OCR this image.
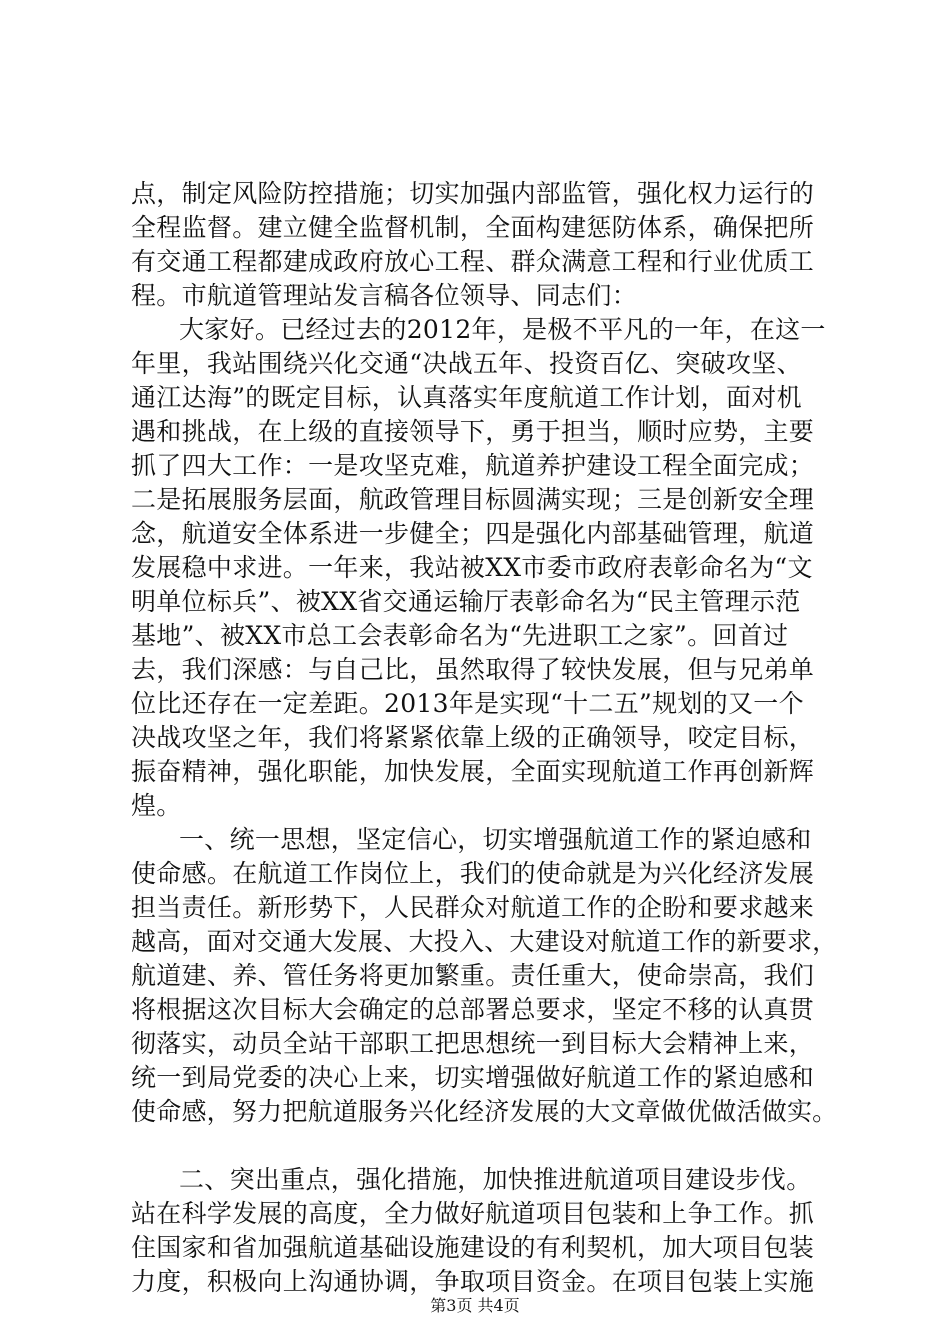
点，制定风险防控措施；切实加强内部监管，强化权力运行的
全程监督。建立健全监督机制，全面构建惩防体系，确保把所
有交通工程都建成政府放心工程、群众满意工程和行业优质工
程。市航道管理站发言稿各位领导、同志们：
大家好。已经过去的2012年，是极不平凡的一年，在这一
年里，我站围绕兴化交通“决战五年、投资百亿、突破攻坚、
通江达海”的既定目标，认真落实年度航道工作计划，面对机
遇和挑战，在上级的直接领导下，勇于担当，顺时应势，主要
抓了四大工作：一是攻坚克难，航道养护建设工程全面完成；
二是拓展服务层面，航政管理目标圆满实现；三是创新安全理
念，航道安全体系进一步健全；四是强化内部基础管理，航道
发展稳中求进。一年来，我站被XX市委市政府表彰命名为“文
明单位标兵”、被XX省交通运输厅表彰命名为“民主管理示范
基地”、被XX市总工会表彰命名为“先进职工之家”。回首过
去，我们深感：与自己比，虽然取得了较快发展，但与兄弟单
位比还存在一定差距。2013年是实现“十二五”规划的又一个
决战攻坚之年，我们将紧紧依靠上级的正确领导，咬定目标，
振奋精神，强化职能，加快发展，全面实现航道工作再创新辉
煌。
一、统一思想，坚定信心，切实增强航道工作的紧迫感和
使命感。在航道工作岗位上，我们的使命就是为兴化经济发展
担当责任。新形势下，人民群众对航道工作的企盼和要求越来
越高，面对交通大发展、大投入、大建设对航道工作的新要求，
航道建、养、管任务将更加繁重。责任重大，使命崇高，我们
将根据这次目标大会确定的总部署总要求，坚定不移的认真贯
彻落实，动员全站干部职工把思想统一到目标大会精神上来，
统一到局党委的决心上来，切实增强做好航道工作的紧迫感和
使命感，努力把航道服务兴化经济发展的大文章做优做活做实。
二、突出重点，强化措施，加快推进航道项目建设步伐。
站在科学发展的高度，全力做好航道项目包装和上争工作。抓
住国家和省加强航道基础设施建设的有利契机，加大项目包装
力度，积极向上沟通协调，争取项目资金。在项目包装上实施
第3页 共4页
